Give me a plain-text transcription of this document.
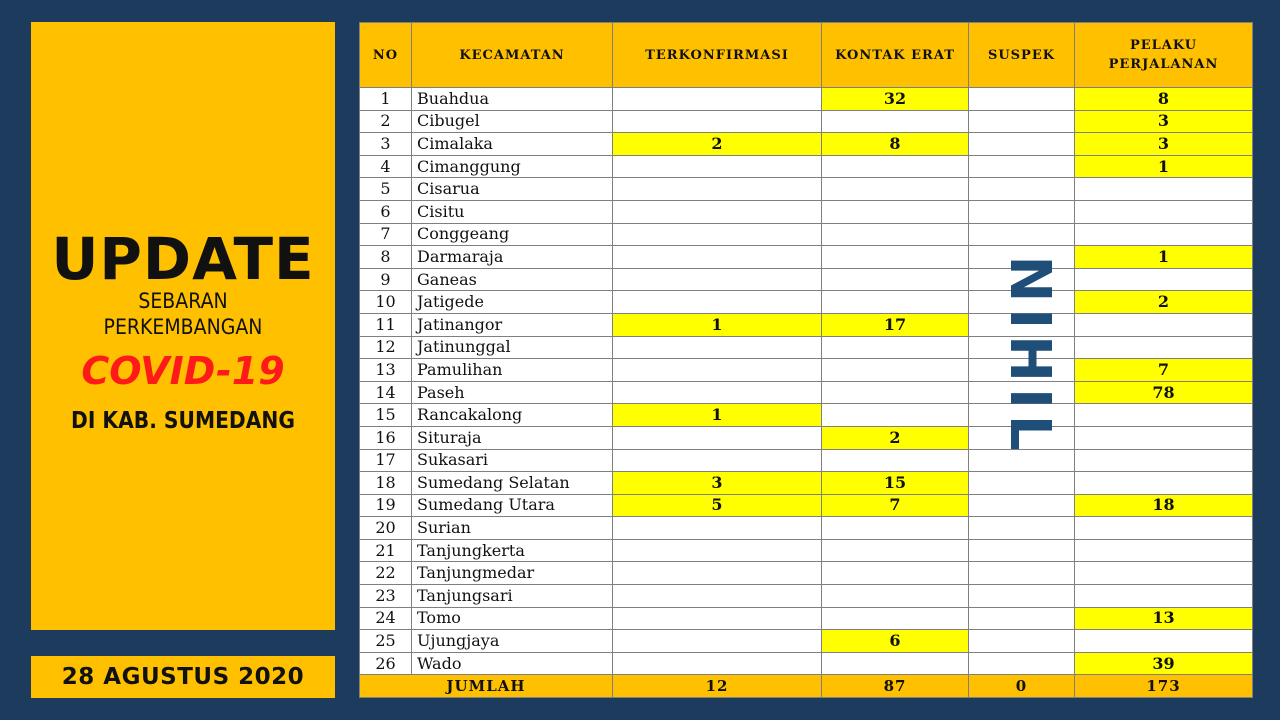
UPDATE
SEBARAN
PERKEMBANGAN
COVID-19
DI KAB. SUMEDANG
28 AGUSTUS 2020
NO	KECAMATAN	TERKONFIRMASI	KONTAK ERAT	SUSPEK	PELAKU
PERJALANAN

1	Buahdua		32		8
2	Cibugel				3
3	Cimalaka	2	8		3
4	Cimanggung				1
5	Cisarua				
6	Cisitu				
7	Conggeang				
8	Darmaraja				1
9	Ganeas				
10	Jatigede				2
11	Jatinangor	1	17		
12	Jatinunggal				
13	Pamulihan				7
14	Paseh				78
15	Rancakalong	1			
16	Situraja		2		
17	Sukasari				
18	Sumedang Selatan	3	15		
19	Sumedang Utara	5	7		18
20	Surian				
21	Tanjungkerta				
22	Tanjungmedar				
23	Tanjungsari				
24	Tomo				13
25	Ujungjaya		6		
26	Wado				39
JUMLAH		12	87	0	173
NIHIL
